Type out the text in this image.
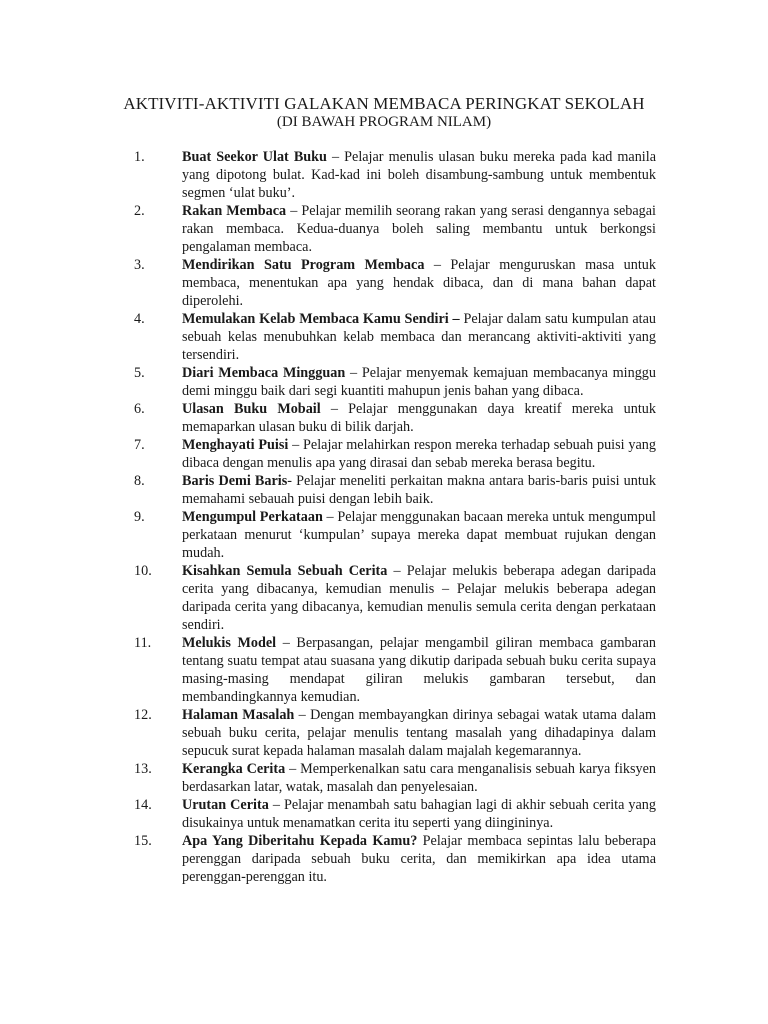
AKTIVITI-AKTIVITI GALAKAN MEMBACA PERINGKAT SEKOLAH
(DI BAWAH PROGRAM NILAM)
1.	Buat Seekor Ulat Buku – Pelajar menulis ulasan buku mereka pada kad manila yang dipotong bulat. Kad-kad ini boleh disambung-sambung untuk membentuk segmen ‘ulat buku’.
2.	Rakan Membaca – Pelajar memilih seorang rakan yang serasi dengannya sebagai rakan membaca. Kedua-duanya boleh saling membantu untuk berkongsi pengalaman membaca.
3.	Mendirikan Satu Program Membaca – Pelajar menguruskan masa untuk membaca, menentukan apa yang hendak dibaca, dan di mana bahan dapat diperolehi.
4.	Memulakan Kelab Membaca Kamu Sendiri – Pelajar dalam satu kumpulan atau sebuah kelas menubuhkan kelab membaca dan merancang aktiviti-aktiviti yang tersendiri.
5.	Diari Membaca Mingguan – Pelajar menyemak kemajuan membacanya minggu demi minggu baik dari segi kuantiti mahupun jenis bahan yang dibaca.
6.	Ulasan Buku Mobail – Pelajar menggunakan daya kreatif mereka untuk memaparkan ulasan buku di bilik darjah.
7.	Menghayati Puisi – Pelajar melahirkan respon mereka terhadap sebuah puisi yang dibaca dengan menulis apa yang dirasai dan sebab mereka berasa begitu.
8.	Baris Demi Baris- Pelajar meneliti perkaitan makna antara baris-baris puisi untuk memahami sebauah puisi dengan lebih baik.
9.	Mengumpul Perkataan – Pelajar menggunakan bacaan mereka untuk mengumpul perkataan menurut ‘kumpulan’ supaya mereka dapat membuat rujukan dengan mudah.
10.	Kisahkan Semula Sebuah Cerita – Pelajar melukis beberapa adegan daripada cerita yang dibacanya, kemudian menulis – Pelajar melukis beberapa adegan daripada cerita yang dibacanya, kemudian menulis semula cerita dengan perkataan sendiri.
11.	Melukis Model – Berpasangan, pelajar mengambil giliran membaca gambaran tentang suatu tempat atau suasana yang dikutip daripada sebuah buku cerita supaya masing-masing mendapat giliran melukis gambaran tersebut, dan membandingkannya kemudian.
12.	Halaman Masalah – Dengan membayangkan dirinya sebagai watak utama dalam sebuah buku cerita, pelajar menulis tentang masalah yang dihadapinya dalam sepucuk surat kepada halaman masalah dalam majalah kegemarannya.
13.	Kerangka Cerita – Memperkenalkan satu cara menganalisis sebuah karya fiksyen berdasarkan latar, watak, masalah dan penyelesaian.
14.	Urutan Cerita – Pelajar menambah satu bahagian lagi di akhir sebuah cerita yang disukainya untuk menamatkan cerita itu seperti yang diingininya.
15.	Apa Yang Diberitahu Kepada Kamu? Pelajar membaca sepintas lalu beberapa perenggan daripada sebuah buku cerita, dan memikirkan apa idea utama perenggan-perenggan itu.
